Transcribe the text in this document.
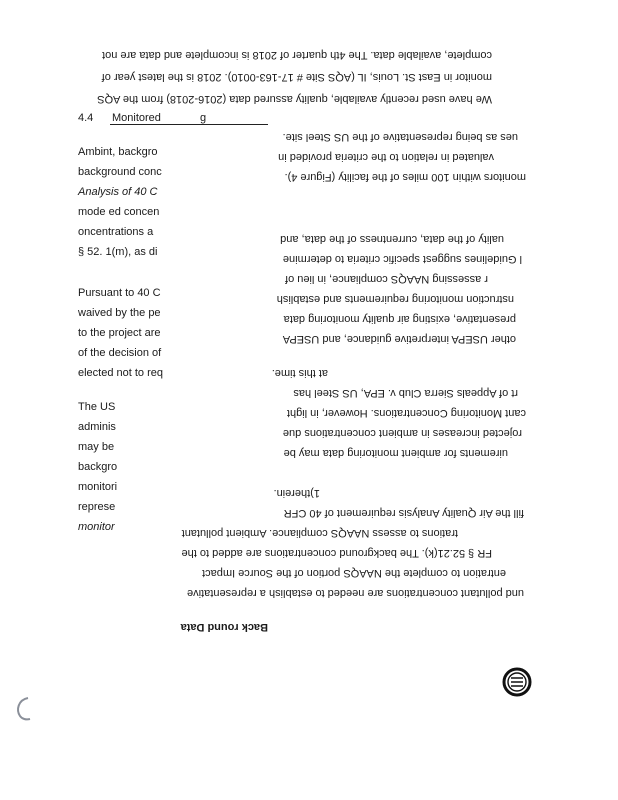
4.4 Monitored	g
Ambi​nt, backgro
background conc
Analysis of 40 C
mode ed concen
oncentrations a
§ 52. 1(m), as di
Pursuant to 40 C
waived by the pe
to the project are
of the decision of
elected not to req
The US
adminis
may be
backgro
monitori
represe
monitor
complete, available data. The 4th quarter of 2018 is incomplete and data are not
monitor in East St. Louis, IL (AQS Site # 17-163-0010). 2018 is the latest year of
We have used recently available, quality assured data (2016-2018) from the AQS
ues as being representative of the US Steel site.
valuated in relation to the criteria provided in
monitors within 100 miles of the facility (Figure 4).
uality of the data, currentness of the data, and
l Guidelines suggest specific criteria to determine
r assessing NAAQS compliance, in lieu of
nstruction monitoring requirements and establish
presentative, existing air quality monitoring data
other USEPA interpretive guidance, and USEPA
at this time.
rt of Appeals Sierra Club v. EPA, US Steel has
cant Monitoring Concentrations. However, in light
rojected increases in ambient concentrations due
uirements for ambient monitoring data may be
1)therein.
fill the Air Quality Analysis requirement of 40 CFR
trations to assess NAAQS compliance. Ambient pollutant
FR § 52.21(k). The background concentrations are added to the
entration to complete the NAAQS portion of the Source Impact
und pollutant concentrations are needed to establish a representative
Back round Data
